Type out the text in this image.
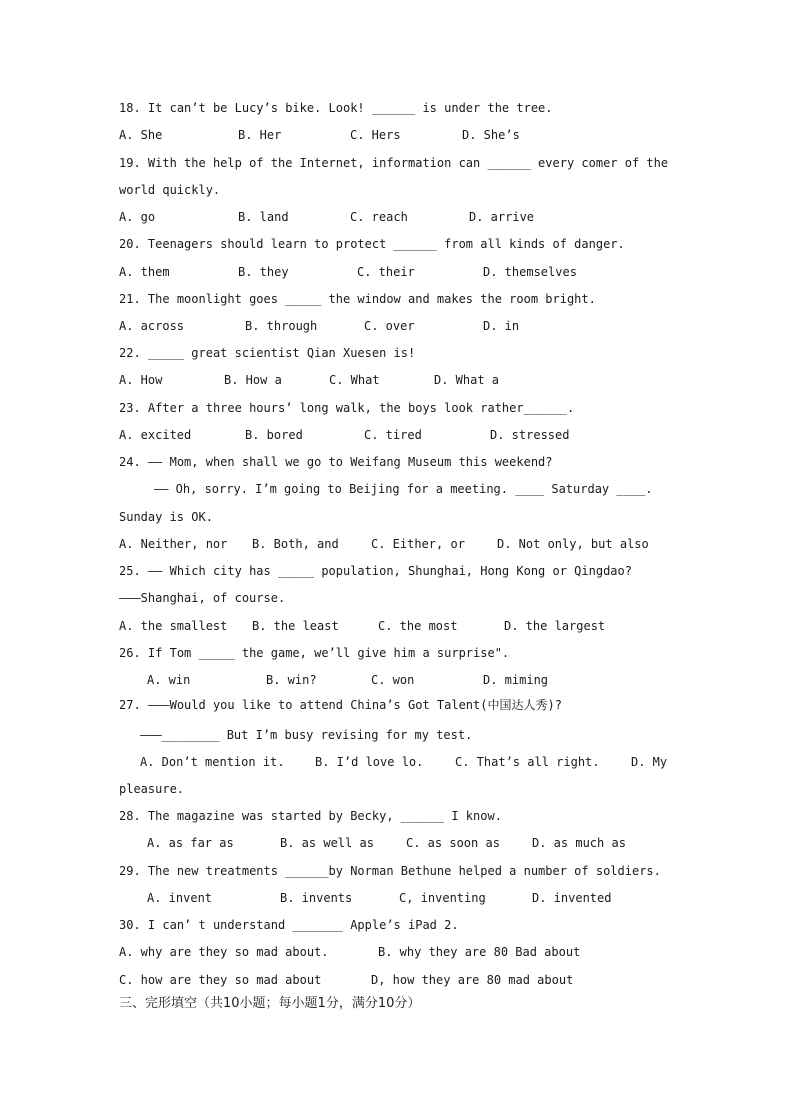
18. It can’t be Lucy’s bike. Look! ______ is under the tree.
A. She	B. Her	C. Hers	D. She’s
19. With the help of the Internet, information can ______ every comer of the
world quickly.
A. go	B. land	C. reach	D. arrive
20. Teenagers should learn to protect ______ from all kinds of danger.
A. them	B. they	C. their	D. themselves
21. The moonlight goes _____ the window and makes the room bright.
A. across	B. through	C. over	D. in
22. _____ great scientist Qian Xuesen is!
A. How	B. How a	C. What	D. What a
23. After a three hours’ long walk, the boys look rather______.
A. excited	B. bored	C. tired	D. stressed
24. —— Mom, when shall we go to Weifang Museum this weekend?
—— Oh, sorry. I’m going to Beijing for a meeting. ____ Saturday ____.
Sunday is OK.
A. Neither, nor B. Both, and	C. Either, or	D. Not only, but also
25. —— Which city has _____ population, Shunghai, Hong Kong or Qingdao?
———Shanghai, of course.
A. the smallest B. the least	C. the most	D. the largest
26. If Tom _____ the game, we’ll give him a surprise".
A. win	B. win?	C. won	D. miming
27. ———Would you like to attend China’s Got Talent(中国达人秀)?
———________ But I’m busy revising for my test.
A. Don’t mention it.	B. I’d love lo.	C. That’s all right.	D. My
pleasure.
28. The magazine was started by Becky, ______ I know.
A. as far as	B. as well as	C. as soon as	D. as much as
29. The new treatments ______by Norman Bethune helped a number of soldiers.
A. invent	B. invents	C, inventing	D. invented
30. I can’ t understand _______ Apple’s iPad 2.
A. why are they so mad about.	B. why they are 80 Bad about
C. how are they so mad about	D, how they are 80 mad about
三、完形填空（共10小题；每小题1分，满分10分）
